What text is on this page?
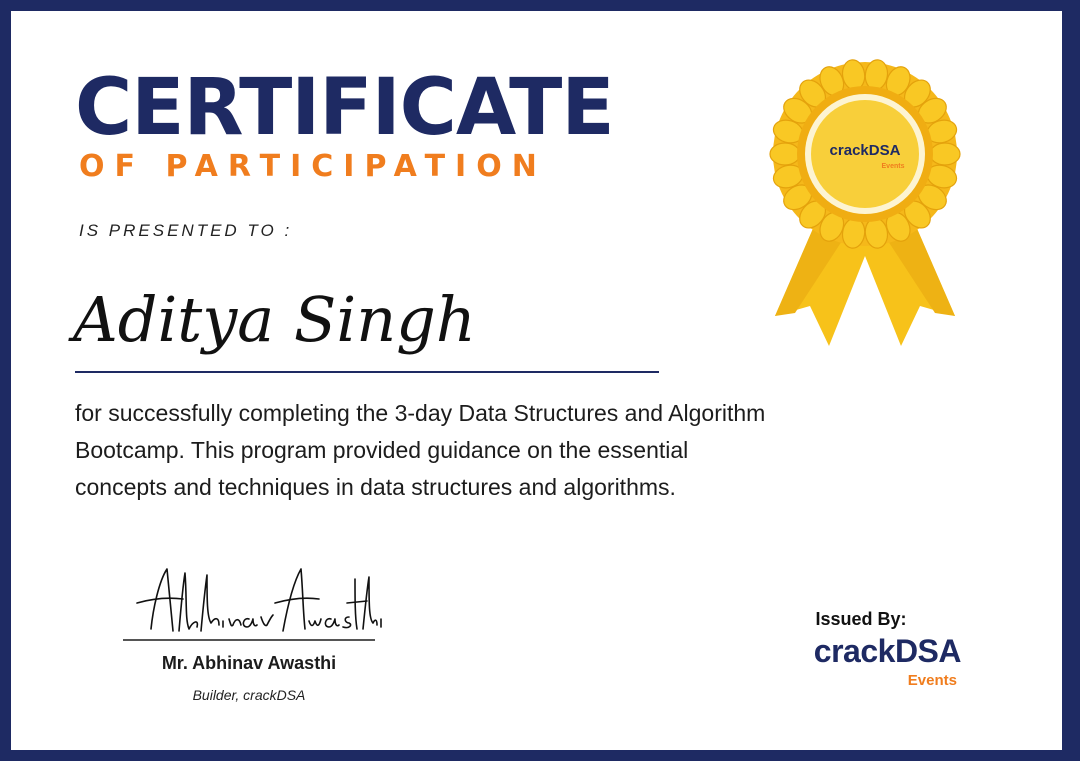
CERTIFICATE
OF PARTICIPATION
IS PRESENTED TO :
Aditya Singh
for successfully completing the 3-day Data Structures and Algorithm Bootcamp. This program provided guidance on the essential concepts and techniques in data structures and algorithms.
Mr. Abhinav Awasthi
Builder, crackDSA
Issued By:
crackDSA
Events
crackDSA
Events
